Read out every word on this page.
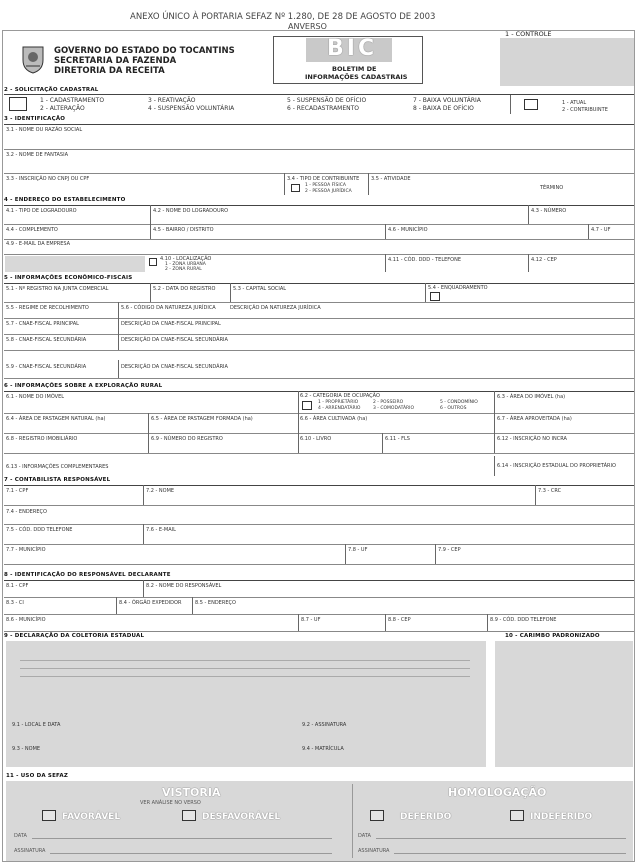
ANEXO ÚNICO À PORTARIA SEFAZ Nº 1.280, DE 28 DE AGOSTO DE 2003
ANVERSO
GOVERNO DO ESTADO DO TOCANTINS
SECRETARIA DA FAZENDA
DIRETORIA DA RECEITA
BIC
BOLETIM DE
INFORMAÇÕES CADASTRAIS
1 - CONTROLE
2 - SOLICITAÇÃO CADASTRAL
1 - CADASTRAMENTO
2 - ALTERAÇÃO
3 - REATIVAÇÃO
4 - SUSPENSÃO VOLUNTÁRIA
5 - SUSPENSÃO DE OFÍCIO
6 - RECADASTRAMENTO
7 - BAIXA VOLUNTÁRIA
8 - BAIXA DE OFÍCIO
1 - ATUAL
2 - CONTRIBUINTE
3 - IDENTIFICAÇÃO
3.1 - NOME OU RAZÃO SOCIAL
3.2 - NOME DE FANTASIA
3.3 - INSCRIÇÃO NO CNPJ OU CPF	3.4 - TIPO DE CONTRIBUINTE
1 - PESSOA FÍSICA
2 - PESSOA JURÍDICA
3.5 - ATIVIDADE
TÉRMINO
4 - ENDEREÇO DO ESTABELECIMENTO
4.1 - TIPO DE LOGRADOURO	4.2 - NOME DO LOGRADOURO	4.3 - NÚMERO
4.4 - COMPLEMENTO	4.5 - BAIRRO / DISTRITO	4.6 - MUNICÍPIO	4.7 - UF
4.9 - E-MAIL DA EMPRESA
4.10 - LOCALIZAÇÃO
1 - ZONA URBANA
2 - ZONA RURAL
4.11 - CÓD. DDD - TELEFONE	4.12 - CEP
5 - INFORMAÇÕES ECONÔMICO-FISCAIS
5.1 - Nº REGISTRO NA JUNTA COMERCIAL	5.2 - DATA DO REGISTRO	5.3 - CAPITAL SOCIAL	5.4 - ENQUADRAMENTO
5.5 - REGIME DE RECOLHIMENTO	5.6 - CÓDIGO DA NATUREZA JURÍDICA	DESCRIÇÃO DA NATUREZA JURÍDICA
5.7 - CNAE-FISCAL PRINCIPAL	DESCRIÇÃO DA CNAE-FISCAL PRINCIPAL
5.8 - CNAE-FISCAL SECUNDÁRIA	DESCRIÇÃO DA CNAE-FISCAL SECUNDÁRIA
5.9 - CNAE-FISCAL SECUNDÁRIA	DESCRIÇÃO DA CNAE-FISCAL SECUNDÁRIA
6 - INFORMAÇÕES SOBRE A EXPLORAÇÃO RURAL
6.1 - NOME DO IMÓVEL	6.2 - CATEGORIA DE OCUPAÇÃO
1 - PROPRIETÁRIO
4 - ARRENDATÁRIO
2 - POSSEIRO
3 - COMODATÁRIO
5 - CONDOMÍNIO
6 - OUTROS
6.3 - ÁREA DO IMÓVEL (ha)
6.4 - ÁREA DE PASTAGEM NATURAL (ha)	6.5 - ÁREA DE PASTAGEM FORMADA (ha)	6.6 - ÁREA CULTIVADA (ha)	6.7 - ÁREA APROVEITADA (ha)
6.8 - REGISTRO IMOBILIÁRIO	6.9 - NÚMERO DO REGISTRO	6.10 - LIVRO	6.11 - FLS	6.12 - INSCRIÇÃO NO INCRA
6.13 - INFORMAÇÕES COMPLEMENTARES	6.14 - INSCRIÇÃO ESTADUAL DO PROPRIETÁRIO
7 - CONTABILISTA RESPONSÁVEL
7.1 - CPF	7.2 - NOME	7.3 - CRC
7.4 - ENDEREÇO
7.5 - CÓD. DDD TELEFONE	7.6 - E-MAIL
7.7 - MUNICÍPIO	7.8 - UF	7.9 - CEP
8 - IDENTIFICAÇÃO DO RESPONSÁVEL DECLARANTE
8.1 - CPF	8.2 - NOME DO RESPONSÁVEL
8.3 - CI	8.4 - ÓRGÃO EXPEDIDOR	8.5 - ENDEREÇO
8.6 - MUNICÍPIO	8.7 - UF	8.8 - CEP	8.9 - CÓD. DDD TELEFONE
9 - DECLARAÇÃO DA COLETORIA ESTADUAL	10 - CARIMBO PADRONIZADO
9.1 - LOCAL E DATA	9.2 - ASSINATURA
9.3 - NOME	9.4 - MATRÍCULA
11 - USO DA SEFAZ
VISTORIA
VER ANÁLISE NO VERSO
FAVORÁVEL	DESFAVORÁVEL
HOMOLOGAÇÃO
DEFERIDO	INDEFERIDO
DATA
ASSINATURA
DATA
ASSINATURA
